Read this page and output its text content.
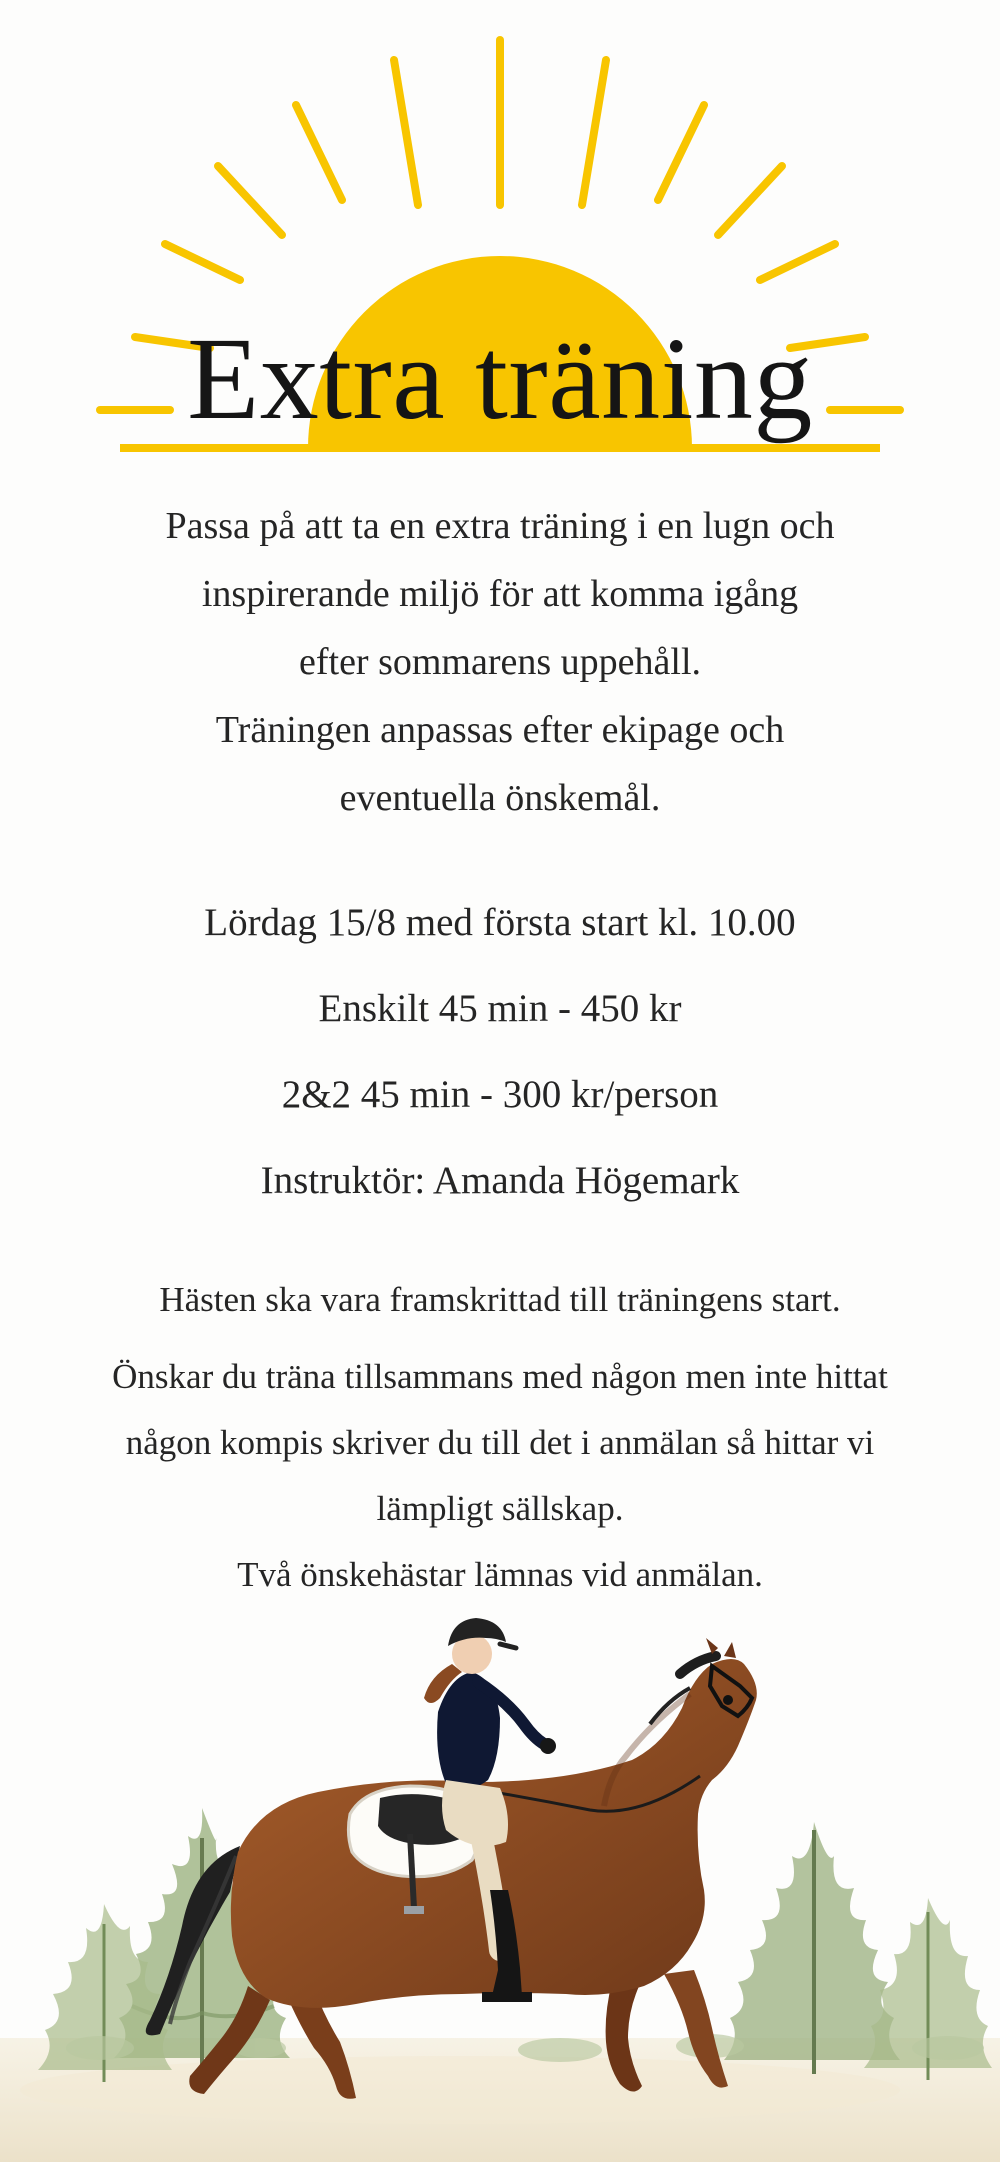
Extra träning
Passa på att ta en extra träning i en lugn och
inspirerande miljö för att komma igång
efter sommarens uppehåll.
Träningen anpassas efter ekipage och
eventuella önskemål.
Lördag 15/8 med första start kl. 10.00
Enskilt 45 min - 450 kr
2&2 45 min - 300 kr/person
Instruktör: Amanda Högemark
Hästen ska vara framskrittad till träningens start.
Önskar du träna tillsammans med någon men inte hittat
någon kompis skriver du till det i anmälan så hittar vi
lämpligt sällskap.
Två önskehästar lämnas vid anmälan.
